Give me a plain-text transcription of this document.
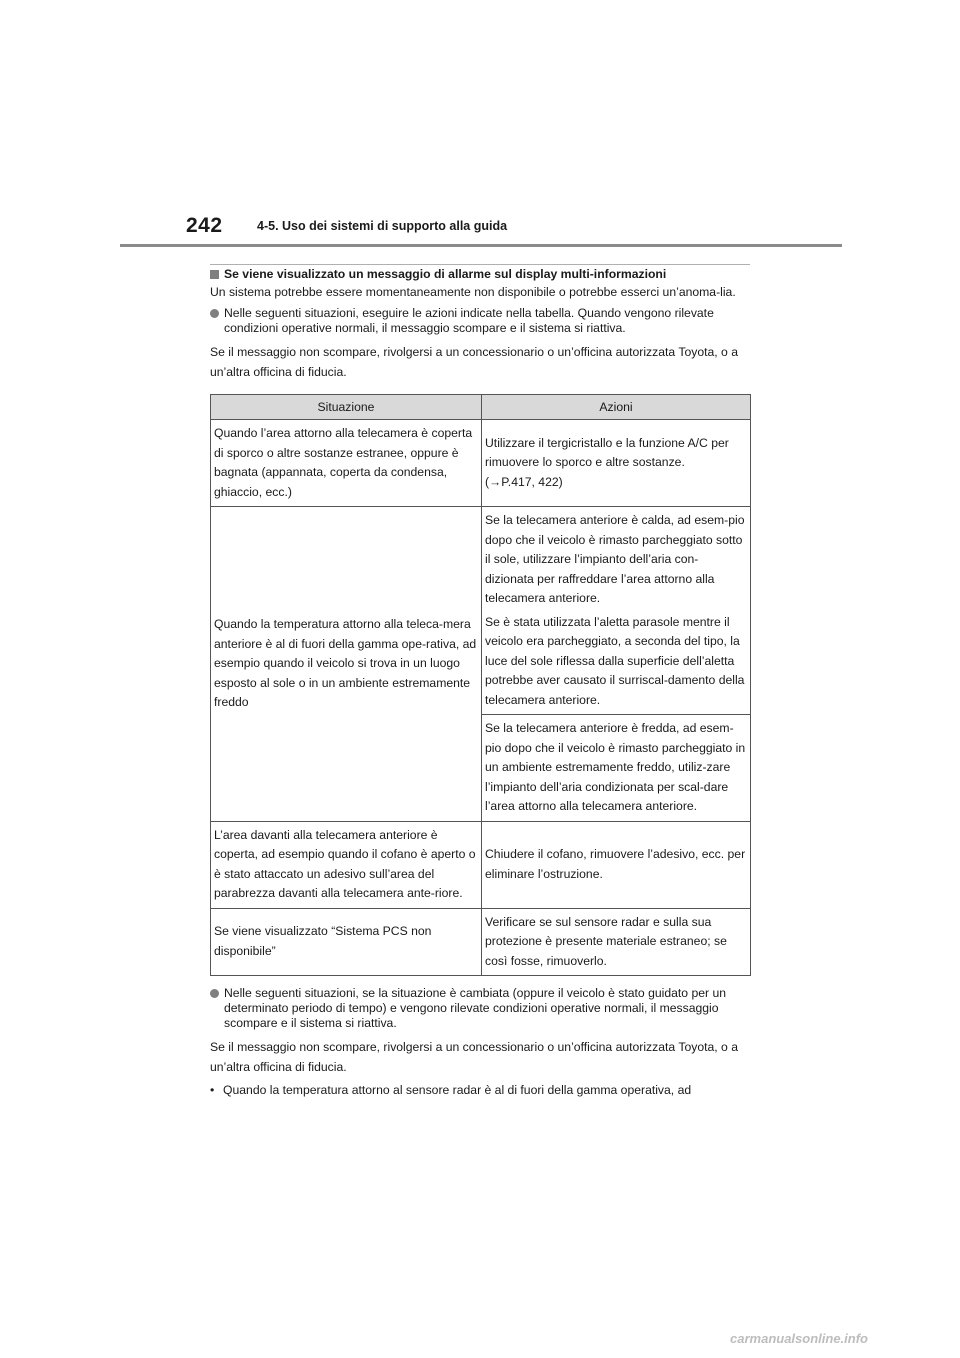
242	4-5. Uso dei sistemi di supporto alla guida
Se viene visualizzato un messaggio di allarme sul display multi-informazioni

Un sistema potrebbe essere momentaneamente non disponibile o potrebbe esserci un’anoma-lia.

Nelle seguenti situazioni, eseguire le azioni indicate nella tabella. Quando vengono rilevate condizioni operative normali, il messaggio scompare e il sistema si riattiva.

Se il messaggio non scompare, rivolgersi a un concessionario o un’officina autorizzata Toyota, o a un’altra officina di fiducia.

Situazione	Azioni
Quando l’area attorno alla telecamera è coperta di sporco o altre sostanze estranee, oppure è bagnata (appannata, coperta da condensa, ghiaccio, ecc.)	Utilizzare il tergicristallo e la funzione A/C per rimuovere lo sporco e altre sostanze.
(→P.417, 422)

Quando la temperatura attorno alla teleca-mera anteriore è al di fuori della gamma ope-rativa, ad esempio quando il veicolo si trova in un luogo esposto al sole o in un ambiente estremamente freddo	Se la telecamera anteriore è calda, ad esem-pio dopo che il veicolo è rimasto parcheggiato sotto il sole, utilizzare l’impianto dell’aria con-dizionata per raffreddare l’area attorno alla telecamera anteriore.
Se è stata utilizzata l’aletta parasole mentre il veicolo era parcheggiato, a seconda del tipo, la luce del sole riflessa dalla superficie dell’aletta potrebbe aver causato il surriscal-damento della telecamera anteriore.

	Se la telecamera anteriore è fredda, ad esem-pio dopo che il veicolo è rimasto parcheggiato in un ambiente estremamente freddo, utiliz-zare l’impianto dell’aria condizionata per scal-dare l’area attorno alla telecamera anteriore.
L’area davanti alla telecamera anteriore è coperta, ad esempio quando il cofano è aperto o è stato attaccato un adesivo sull’area del parabrezza davanti alla telecamera ante-riore.	Chiudere il cofano, rimuovere l’adesivo, ecc. per eliminare l’ostruzione.
Se viene visualizzato “Sistema PCS non disponibile”	Verificare se sul sensore radar e sulla sua protezione è presente materiale estraneo; se così fosse, rimuoverlo.
Nelle seguenti situazioni, se la situazione è cambiata (oppure il veicolo è stato guidato per un determinato periodo di tempo) e vengono rilevate condizioni operative normali, il messaggio scompare e il sistema si riattiva.

Se il messaggio non scompare, rivolgersi a un concessionario o un’officina autorizzata Toyota, o a un’altra officina di fiducia.

• Quando la temperatura attorno al sensore radar è al di fuori della gamma operativa, ad
carmanualsonline.info
